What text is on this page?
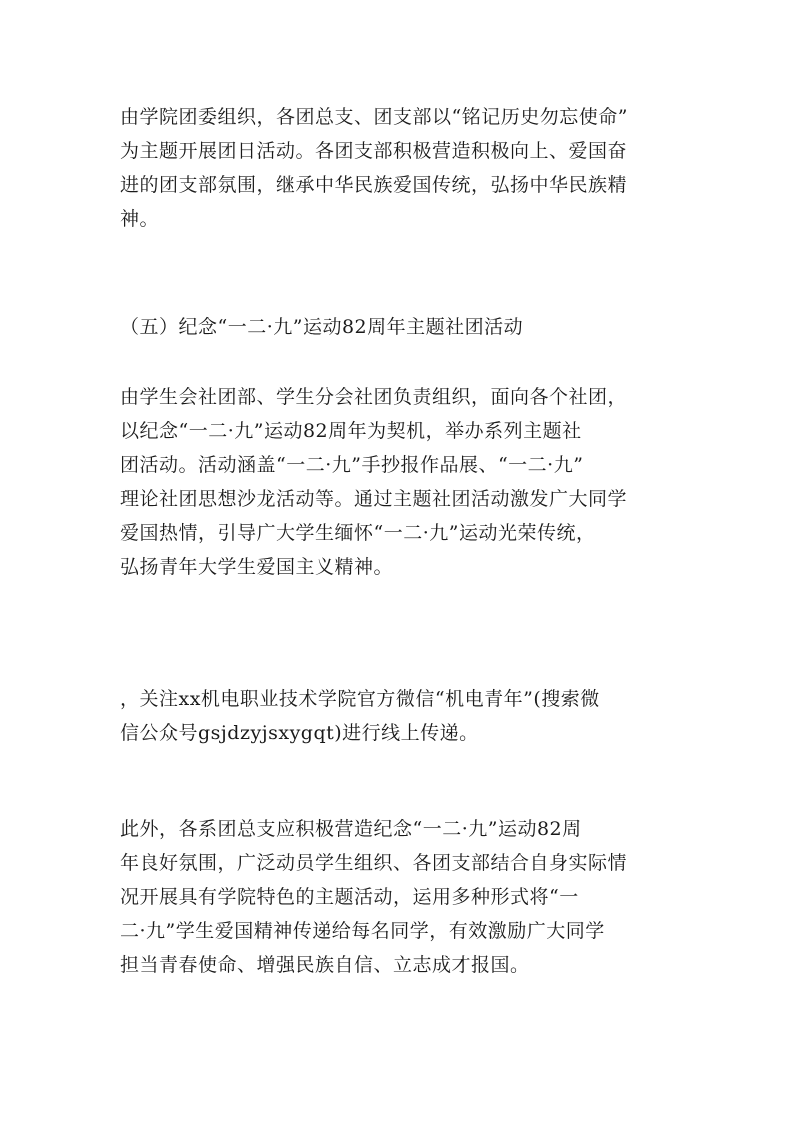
由学院团委组织，各团总支、团支部以“铭记历史勿忘使命”
为主题开展团日活动。各团支部积极营造积极向上、爱国奋
进的团支部氛围，继承中华民族爱国传统，弘扬中华民族精
神。

（五）纪念“一二·九”运动82周年主题社团活动

由学生会社团部、学生分会社团负责组织，面向各个社团，
以纪念“一二·九”运动82周年为契机，举办系列主题社
团活动。活动涵盖“一二·九”手抄报作品展、“一二·九”
理论社团思想沙龙活动等。通过主题社团活动激发广大同学
爱国热情，引导广大学生缅怀“一二·九”运动光荣传统，
弘扬青年大学生爱国主义精神。

，关注xx机电职业技术学院官方微信“机电青年”(搜索微
信公众号gsjdzyjsxygqt)进行线上传递。

此外，各系团总支应积极营造纪念“一二·九”运动82周
年良好氛围，广泛动员学生组织、各团支部结合自身实际情
况开展具有学院特色的主题活动，运用多种形式将“一
二·九”学生爱国精神传递给每名同学，有效激励广大同学
担当青春使命、增强民族自信、立志成才报国。
